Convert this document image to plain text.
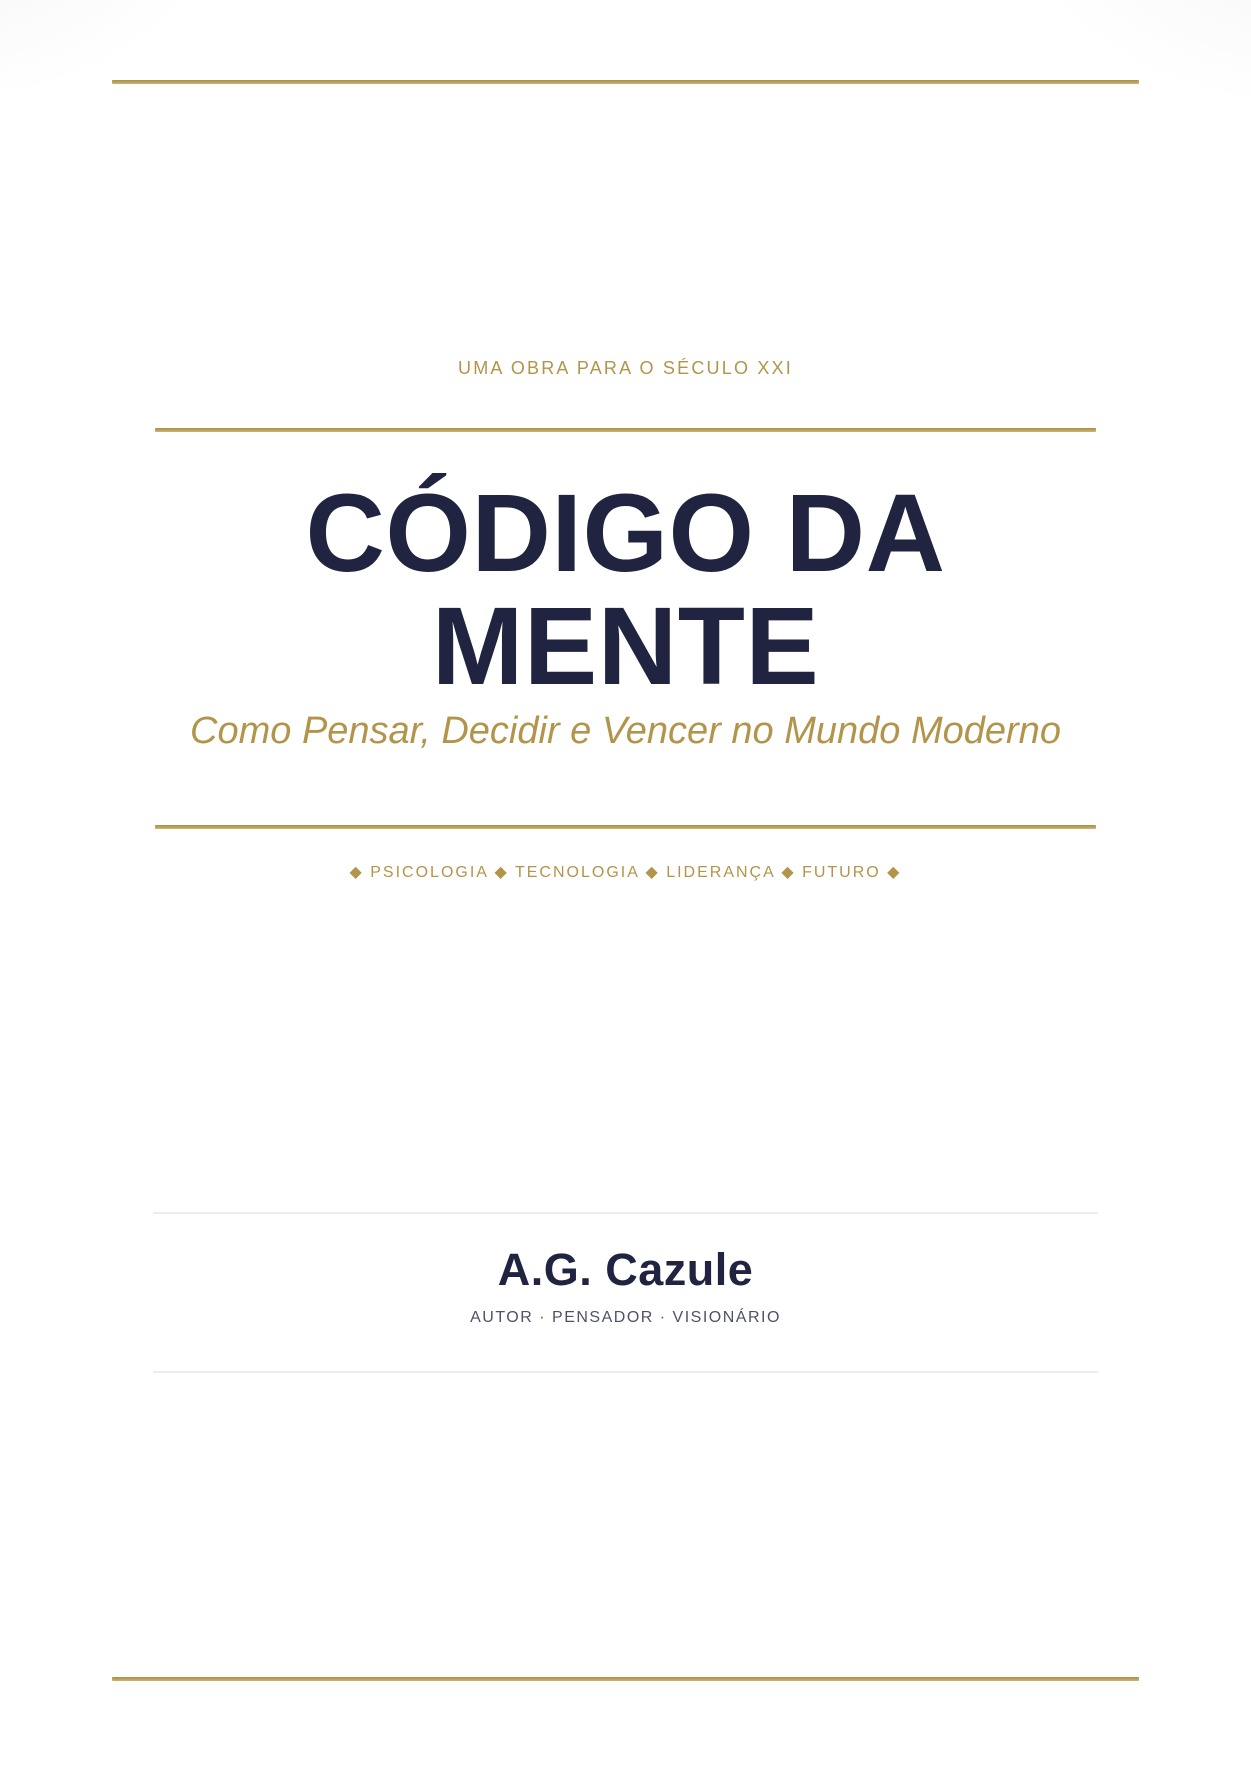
UMA OBRA PARA O SÉCULO XXI
CÓDIGO DA
MENTE
Como Pensar, Decidir e Vencer no Mundo Moderno
◆ PSICOLOGIA ◆ TECNOLOGIA ◆ LIDERANÇA ◆ FUTURO ◆
A.G. Cazule
AUTOR · PENSADOR · VISIONÁRIO
